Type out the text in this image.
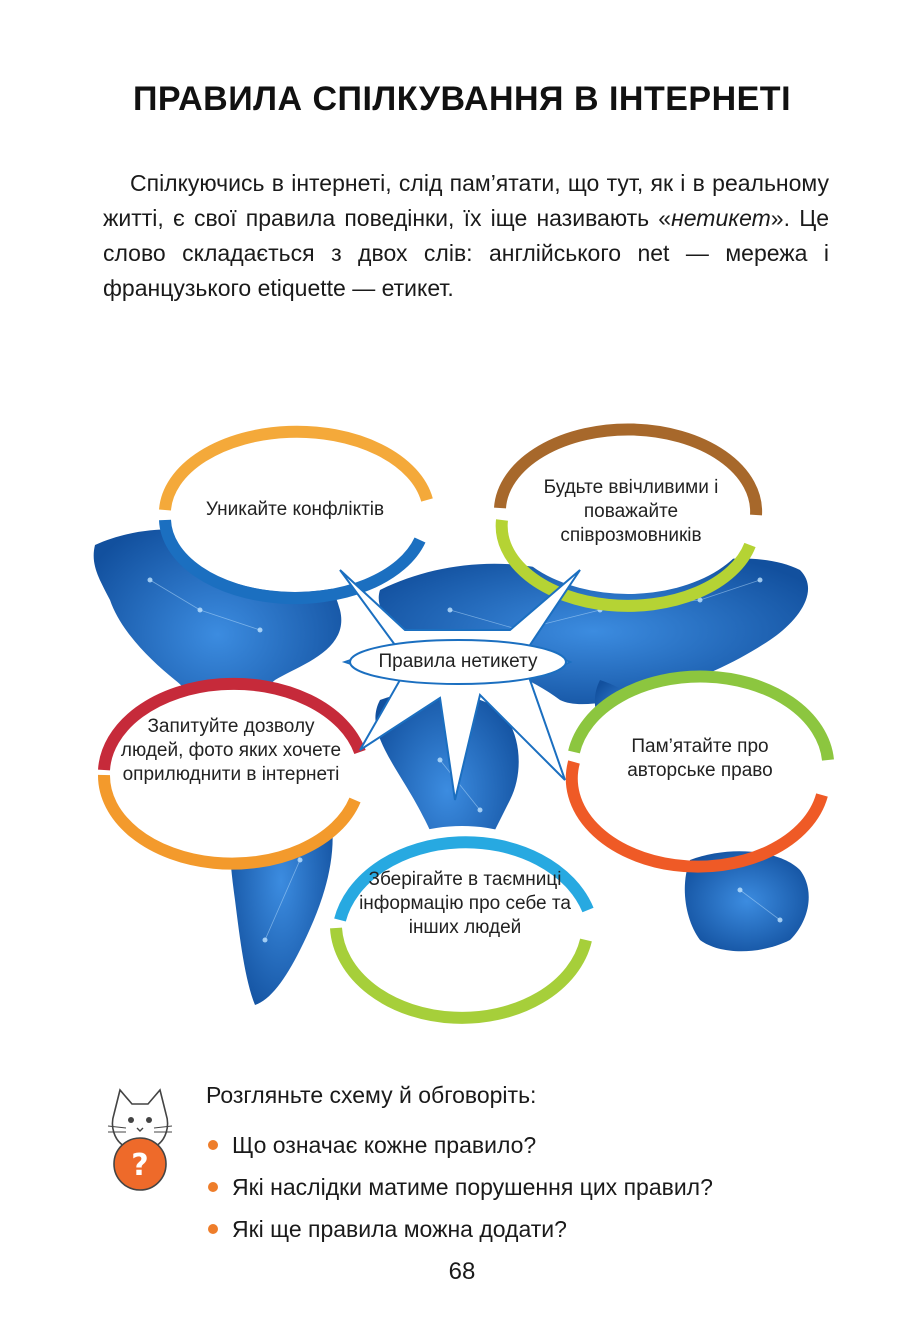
ПРАВИЛА СПІЛКУВАННЯ В ІНТЕРНЕТІ
Спілкуючись в інтернеті, слід пам’ятати, що тут, як і в реальному житті, є свої правила поведінки, їх іще називають «нетикет». Це слово складається з двох слів: англійського net — мережа і французького etiquette — етикет.
Правила нетикету
Уникайте конфліктів
Будьте ввічливими і поважайте співрозмовників
Запитуйте дозволу людей, фото яких хочете оприлюднити в інтернеті
Пам’ятайте про авторське право
Зберігайте в таємниці інформацію про себе та інших людей
?
Розгляньте схему й обговоріть:
Що означає кожне правило?
Які наслідки матиме порушення цих правил?
Які ще правила можна додати?
68
